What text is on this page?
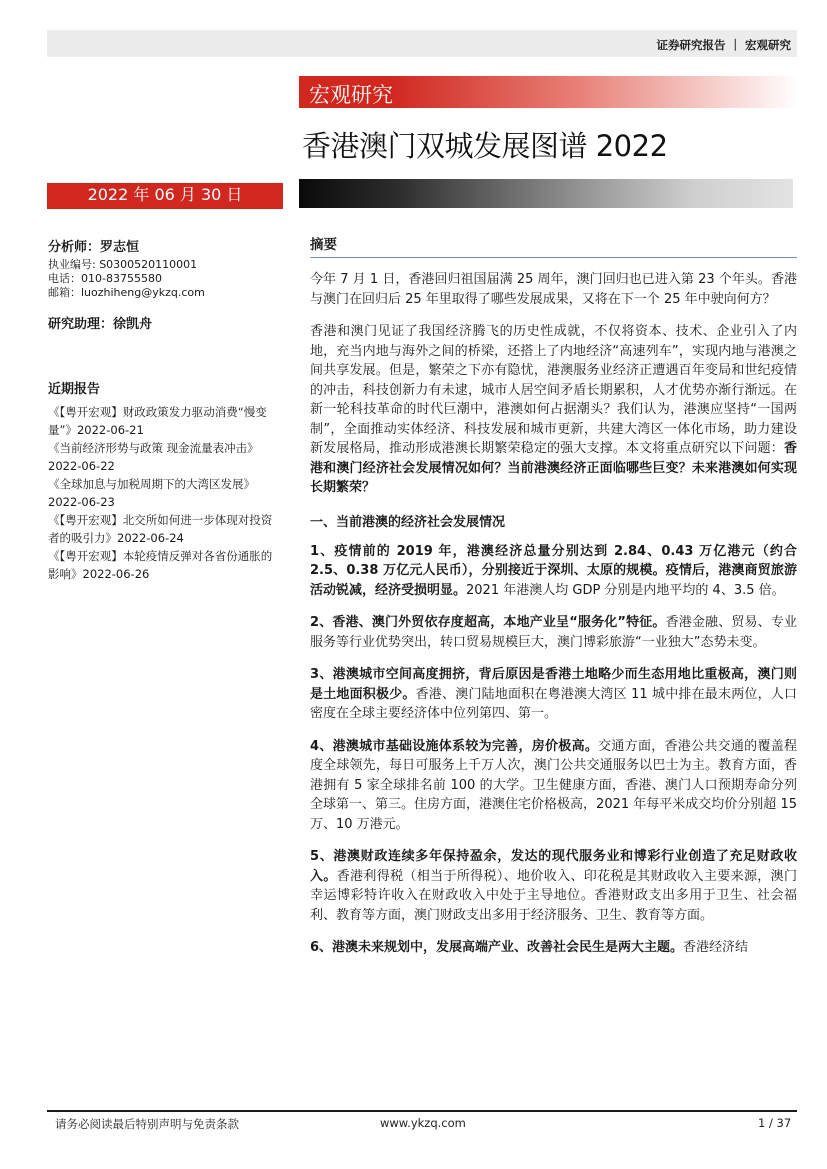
证券研究报告 ｜ 宏观研究
宏观研究
香港澳门双城发展图谱 2022
2022 年 06 月 30 日
分析师：罗志恒
执业编号: S0300520110001
电话：010-83755580
邮箱：luozhiheng@ykzq.com
研究助理：徐凯舟
近期报告
《【粤开宏观】财政政策发力驱动消费“慢变量”》2022-06-21
《当前经济形势与政策 现金流量表冲击》2022-06-22
《全球加息与加税周期下的大湾区发展》2022-06-23
《【粤开宏观】北交所如何进一步体现对投资者的吸引力》2022-06-24
《【粤开宏观】本轮疫情反弹对各省份通胀的影响》2022-06-26
摘要
今年 7 月 1 日，香港回归祖国届满 25 周年，澳门回归也已进入第 23 个年头。香港与澳门在回归后 25 年里取得了哪些发展成果，又将在下一个 25 年中驶向何方？
香港和澳门见证了我国经济腾飞的历史性成就，不仅将资本、技术、企业引入了内地，充当内地与海外之间的桥梁，还搭上了内地经济“高速列车”，实现内地与港澳之间共享发展。但是，繁荣之下亦有隐忧，港澳服务业经济正遭遇百年变局和世纪疫情的冲击，科技创新力有未逮，城市人居空间矛盾长期累积，人才优势亦渐行渐远。在新一轮科技革命的时代巨潮中，港澳如何占据潮头？我们认为，港澳应坚持“一国两制”，全面推动实体经济、科技发展和城市更新，共建大湾区一体化市场，助力建设新发展格局，推动形成港澳长期繁荣稳定的强大支撑。本文将重点研究以下问题：香港和澳门经济社会发展情况如何？当前港澳经济正面临哪些巨变？未来港澳如何实现长期繁荣？
一、当前港澳的经济社会发展情况
1、疫情前的 2019 年，港澳经济总量分别达到 2.84、0.43 万亿港元（约合 2.5、0.38 万亿元人民币），分别接近于深圳、太原的规模。疫情后，港澳商贸旅游活动锐减，经济受损明显。2021 年港澳人均 GDP 分别是内地平均的 4、3.5 倍。
2、香港、澳门外贸依存度超高，本地产业呈“服务化”特征。香港金融、贸易、专业服务等行业优势突出，转口贸易规模巨大，澳门博彩旅游“一业独大”态势未变。
3、港澳城市空间高度拥挤，背后原因是香港土地略少而生态用地比重极高，澳门则是土地面积极少。香港、澳门陆地面积在粤港澳大湾区 11 城中排在最末两位，人口密度在全球主要经济体中位列第四、第一。
4、港澳城市基础设施体系较为完善，房价极高。交通方面，香港公共交通的覆盖程度全球领先，每日可服务上千万人次，澳门公共交通服务以巴士为主。教育方面，香港拥有 5 家全球排名前 100 的大学。卫生健康方面，香港、澳门人口预期寿命分列全球第一、第三。住房方面，港澳住宅价格极高，2021 年每平米成交均价分别超 15 万、10 万港元。
5、港澳财政连续多年保持盈余，发达的现代服务业和博彩行业创造了充足财政收入。香港利得税（相当于所得税）、地价收入、印花税是其财政收入主要来源，澳门幸运博彩特许收入在财政收入中处于主导地位。香港财政支出多用于卫生、社会福利、教育等方面，澳门财政支出多用于经济服务、卫生、教育等方面。
6、港澳未来规划中，发展高端产业、改善社会民生是两大主题。香港经济结
请务必阅读最后特别声明与免责条款	www.ykzq.com	1 / 37
